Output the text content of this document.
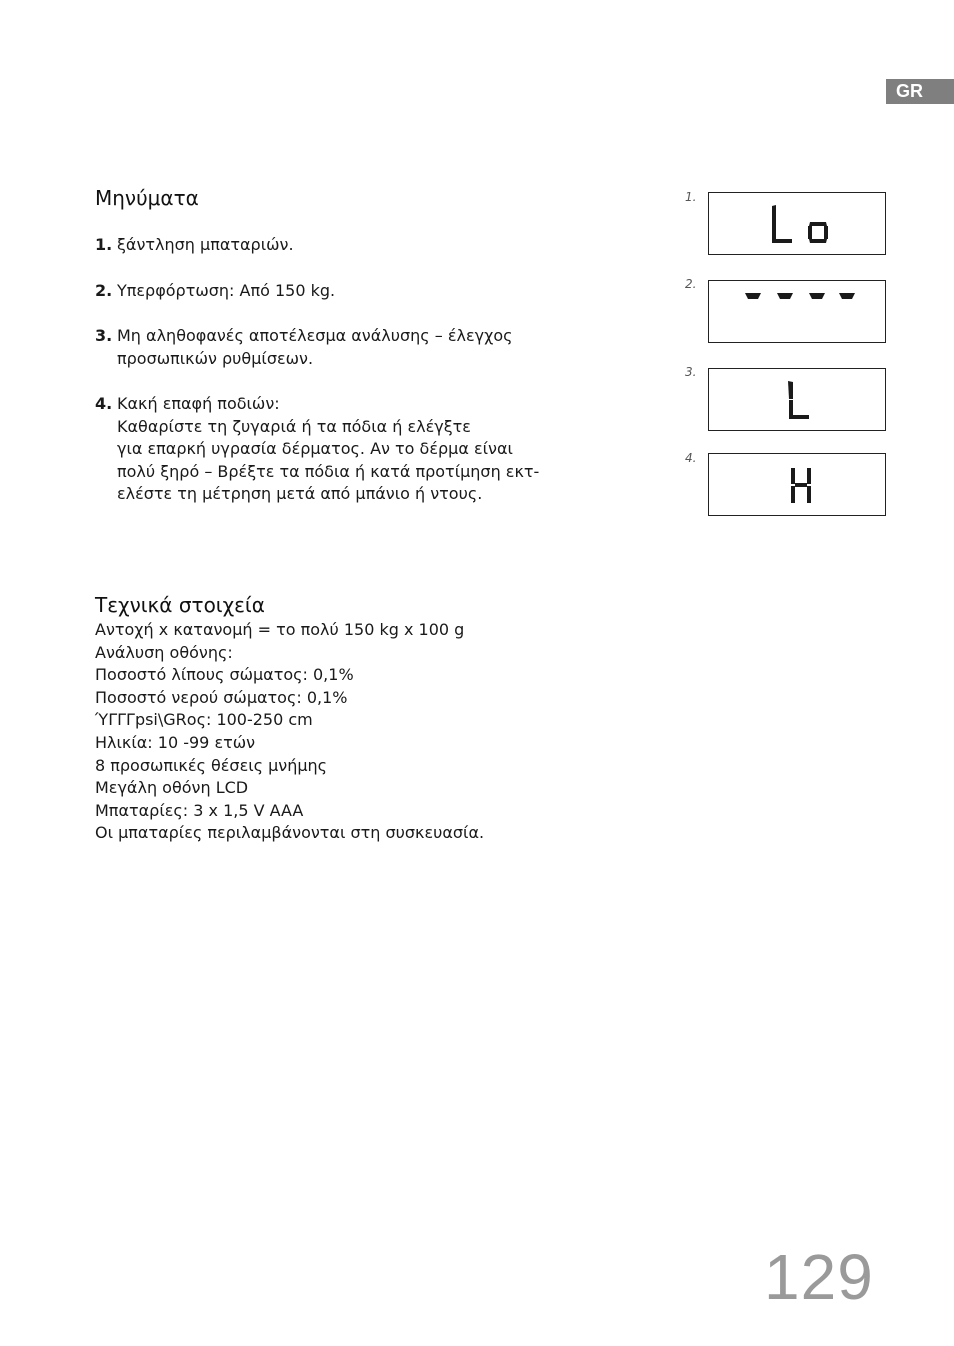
GR
Μηνύματα
1. ξάντληση μπαταριών.
2. Υπερφόρτωση: Από 150 kg.
3. Μη αληθοφανές αποτέλεσμα ανάλυσης – έλεγχος
προσωπικών ρυθμίσεων.
4. Κακή επαφή ποδιών:
Καθαρίστε τη ζυγαριά ή τα πόδια ή ελέγξτε
για επαρκή υγρασία δέρματος. Αν το δέρμα είναι
πολύ ξηρό – Βρέξτε τα πόδια ή κατά προτίμηση εκτ-
ελέστε τη μέτρηση μετά από μπάνιο ή ντους.
1.
2.
3.
4.
Τεχνικά στοιχεία
Αντοχή x κατανομή = το πολύ 150 kg x 100 g
Ανάλυση οθόνης:
Ποσοστό λίπους σώματος: 0,1%
Ποσοστό νερού σώματος: 0,1%
ΎΓΓΓpsi\GRος: 100-250 cm
Ηλικία: 10 -99 ετών
8 προσωπικές θέσεις μνήμης
Μεγάλη οθόνη LCD
Μπαταρίες: 3 x 1,5 V AAA
Οι μπαταρίες περιλαμβάνονται στη συσκευασία.
129
